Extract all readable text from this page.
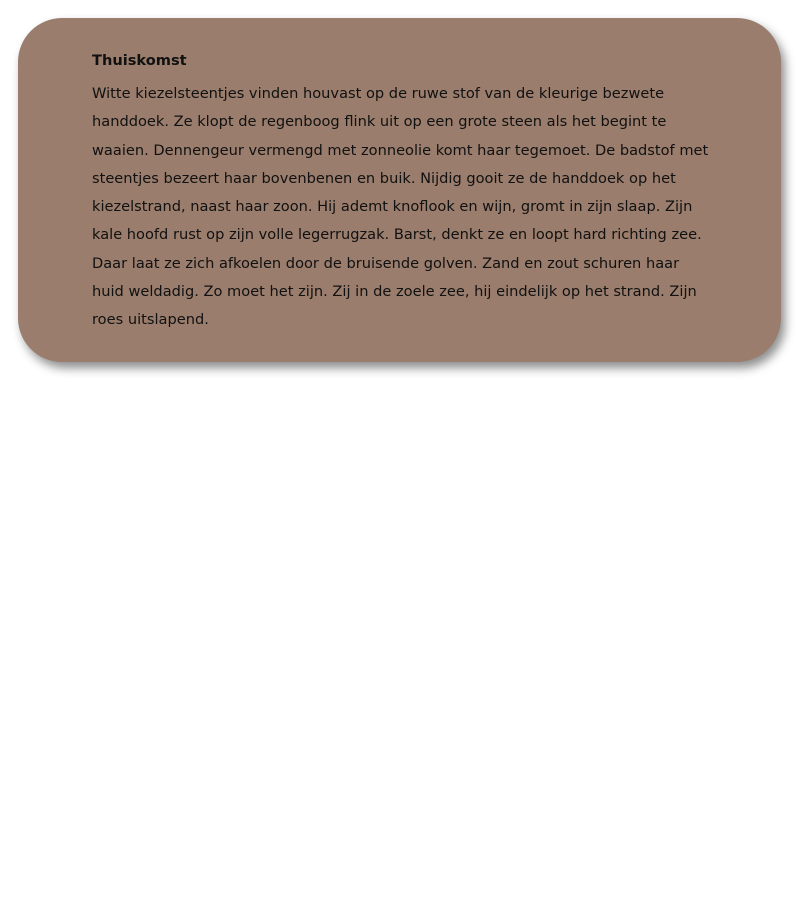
Thuiskomst

Witte kiezelsteentjes vinden houvast op de ruwe stof van de kleurige bezwete
handdoek. Ze klopt de regenboog flink uit op een grote steen als het begint te
waaien. Dennengeur vermengd met zonneolie komt haar tegemoet. De badstof met
steentjes bezeert haar bovenbenen en buik. Nijdig gooit ze de handdoek op het
kiezelstrand, naast haar zoon. Hij ademt knoflook en wijn, gromt in zijn slaap. Zijn
kale hoofd rust op zijn volle legerrugzak. Barst, denkt ze en loopt hard richting zee.
Daar laat ze zich afkoelen door de bruisende golven. Zand en zout schuren haar
huid weldadig. Zo moet het zijn. Zij in de zoele zee, hij eindelijk op het strand. Zijn
roes uitslapend.
